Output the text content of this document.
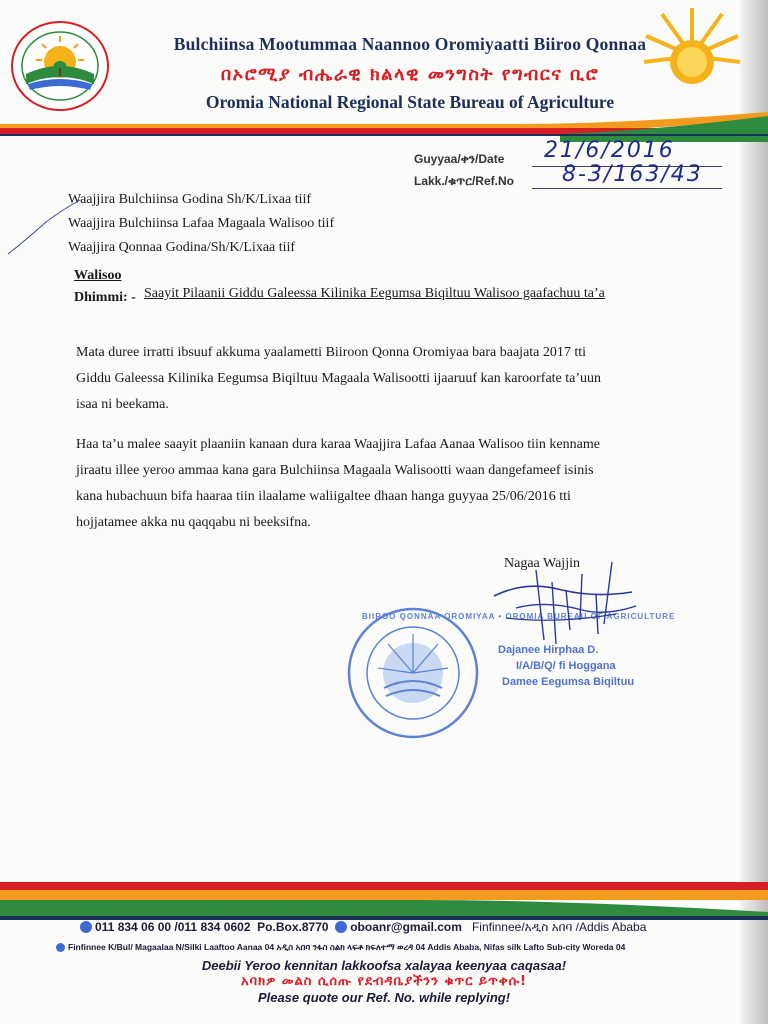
Bulchiinsa Mootummaa Naannoo Oromiyaatti Biiroo Qonnaa
በኦሮሚያ ብሔራዊ ክልላዊ መንግስት የግብርና ቢሮ
Oromia National Regional State Bureau of Agriculture
Guyyaa/ቀን/Date 21/6/2016
Lakk./ቁጥር/Ref.No 8-3/163/43
Waajjira Bulchiinsa Godina Sh/K/Lixaa tiif
Waajjira Bulchiinsa Lafaa Magaala Walisoo tiif
Waajjira Qonnaa Godina/Sh/K/Lixaa tiif
Walisoo
Dhimmi: - Saayit Pilaanii Giddu Galeessa Kilinika Eegumsa Biqiltuu Walisoo gaafachuu ta’a
Mata duree irratti ibsuuf akkuma yaalametti Biiroon Qonna Oromiyaa bara baajata 2017 tti
Giddu Galeessa Kilinika Eegumsa Biqiltuu Magaala Walisootti ijaaruuf kan karoorfate ta’uun
isaa ni beekama.
Haa ta’u malee saayit plaaniin kanaan dura karaa Waajjira Lafaa Aanaa Walisoo tiin kenname
jiraatu illee yeroo ammaa kana gara Bulchiinsa Magaala Walisootti waan dangefameef isinis
kana hubachuun bifa haaraa tiin ilaalame waliigaltee dhaan hanga guyyaa 25/06/2016 tti
hojjatamee akka nu qaqqabu ni beeksifna.
Nagaa Wajjin
BIIROO QONNAA OROMIYAA • OROMIA BUREAU OF AGRICULTURE
Dajanee Hirphaa D.
I/A/B/Q/ fi Hoggana
Damee Eegumsa Biqiltuu
011 834 06 00 /011 834 0602 Po.Box.8770 oboanr@gmail.com Finfinnee/አዲስ አበባ /Addis Ababa
Finfinnee K/Bul/ Magaalaa N/Silki Laaftoo Aanaa 04 አዲስ አበባ ንፋስ ስልክ ላፍቶ ክፍለተማ ወረዳ 04 Addis Ababa, Nifas silk Lafto Sub-city Woreda 04
Deebii Yeroo kennitan lakkoofsa xalayaa keenyaa caqasaa!
አባክዎ መልስ ሲሰጡ የደብዳቤያችንን ቁጥር ይጥቀሱ!
Please quote our Ref. No. while replying!
